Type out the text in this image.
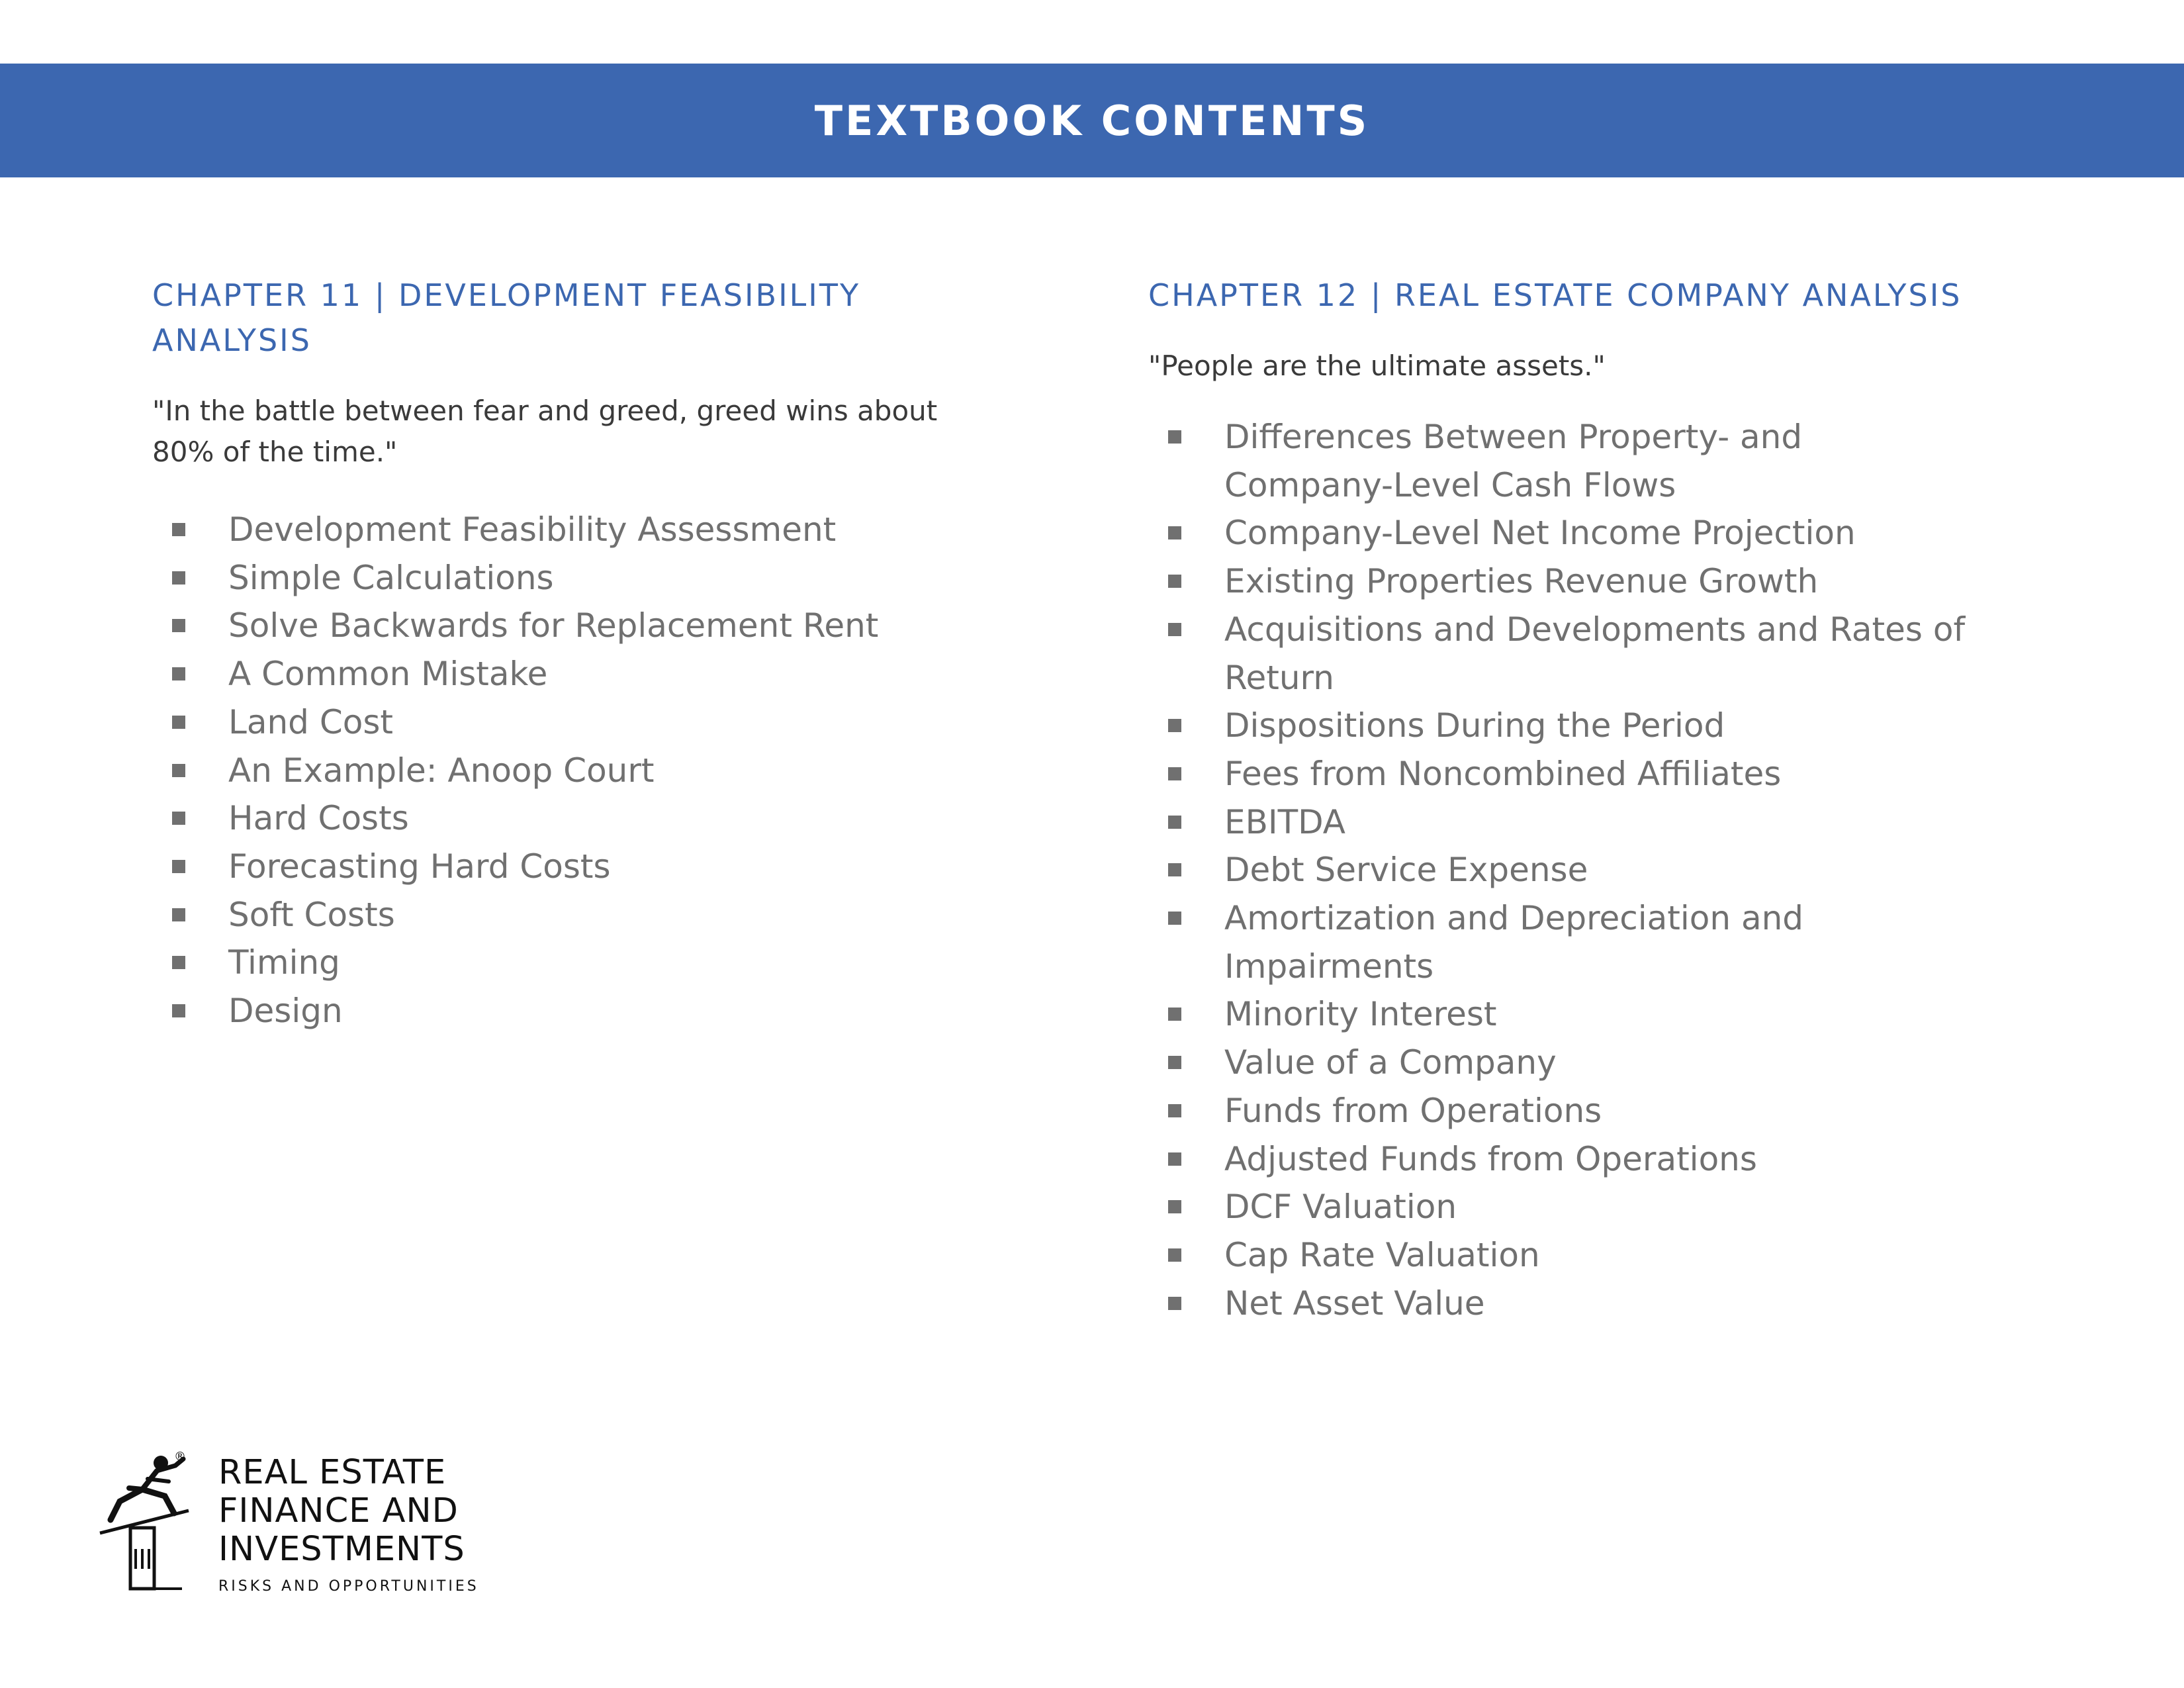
TEXTBOOK CONTENTS
CHAPTER 11 | DEVELOPMENT FEASIBILITY ANALYSIS

"In the battle between fear and greed, greed wins about 80% of the time."

Development Feasibility Assessment
Simple Calculations
Solve Backwards for Replacement Rent
A Common Mistake
Land Cost
An Example: Anoop Court
Hard Costs
Forecasting Hard Costs
Soft Costs
Timing
Design
CHAPTER 12 | REAL ESTATE COMPANY ANALYSIS

"People are the ultimate assets."

Differences Between Property- and Company-Level Cash Flows
Company-Level Net Income Projection
Existing Properties Revenue Growth
Acquisitions and Developments and Rates of Return
Dispositions During the Period
Fees from Noncombined Affiliates
EBITDA
Debt Service Expense
Amortization and Depreciation and Impairments
Minority Interest
Value of a Company
Funds from Operations
Adjusted Funds from Operations
DCF Valuation
Cap Rate Valuation
Net Asset Value
® REAL ESTATE
FINANCE AND
INVESTMENTS
RISKS AND OPPORTUNITIES
